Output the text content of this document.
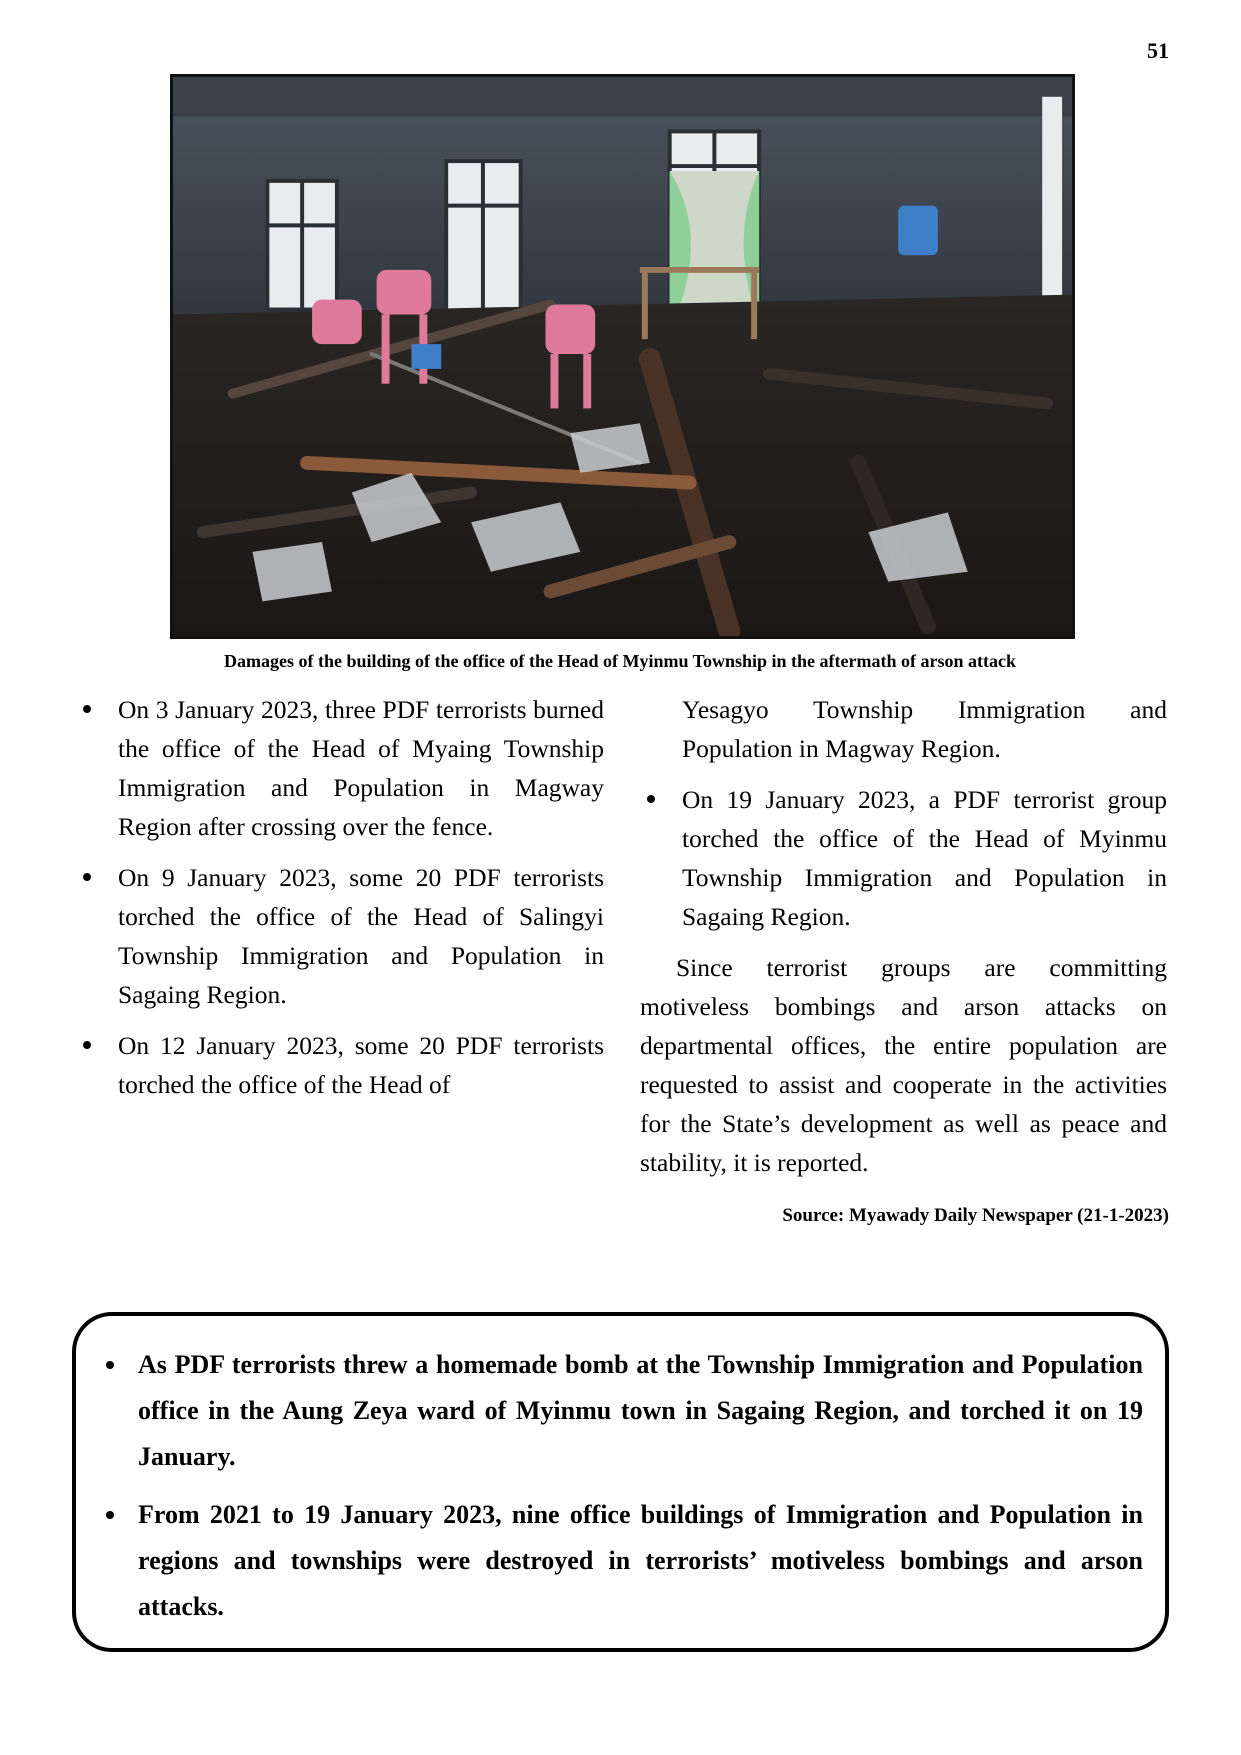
51
Damages of the building of the office of the Head of Myinmu Township in the aftermath of arson attack
On 3 January 2023, three PDF terrorists burned the office of the Head of Myaing Township Immigration and Population in Magway Region after crossing over the fence.
On 9 January 2023, some 20 PDF terrorists torched the office of the Head of Salingyi Township Immigration and Population in Sagaing Region.
On 12 January 2023, some 20 PDF terrorists torched the office of the Head of
Yesagyo Township Immigration and Population in Magway Region.
On 19 January 2023, a PDF terrorist group torched the office of the Head of Myinmu Township Immigration and Population in Sagaing Region.
Since terrorist groups are committing motiveless bombings and arson attacks on departmental offices, the entire population are requested to assist and cooperate in the activities for the State’s development as well as peace and stability, it is reported.
Source: Myawady Daily Newspaper (21-1-2023)
As PDF terrorists threw a homemade bomb at the Township Immigration and Population office in the Aung Zeya ward of Myinmu town in Sagaing Region, and torched it on 19 January.
From 2021 to 19 January 2023, nine office buildings of Immigration and Population in regions and townships were destroyed in terrorists’ motiveless bombings and arson attacks.
